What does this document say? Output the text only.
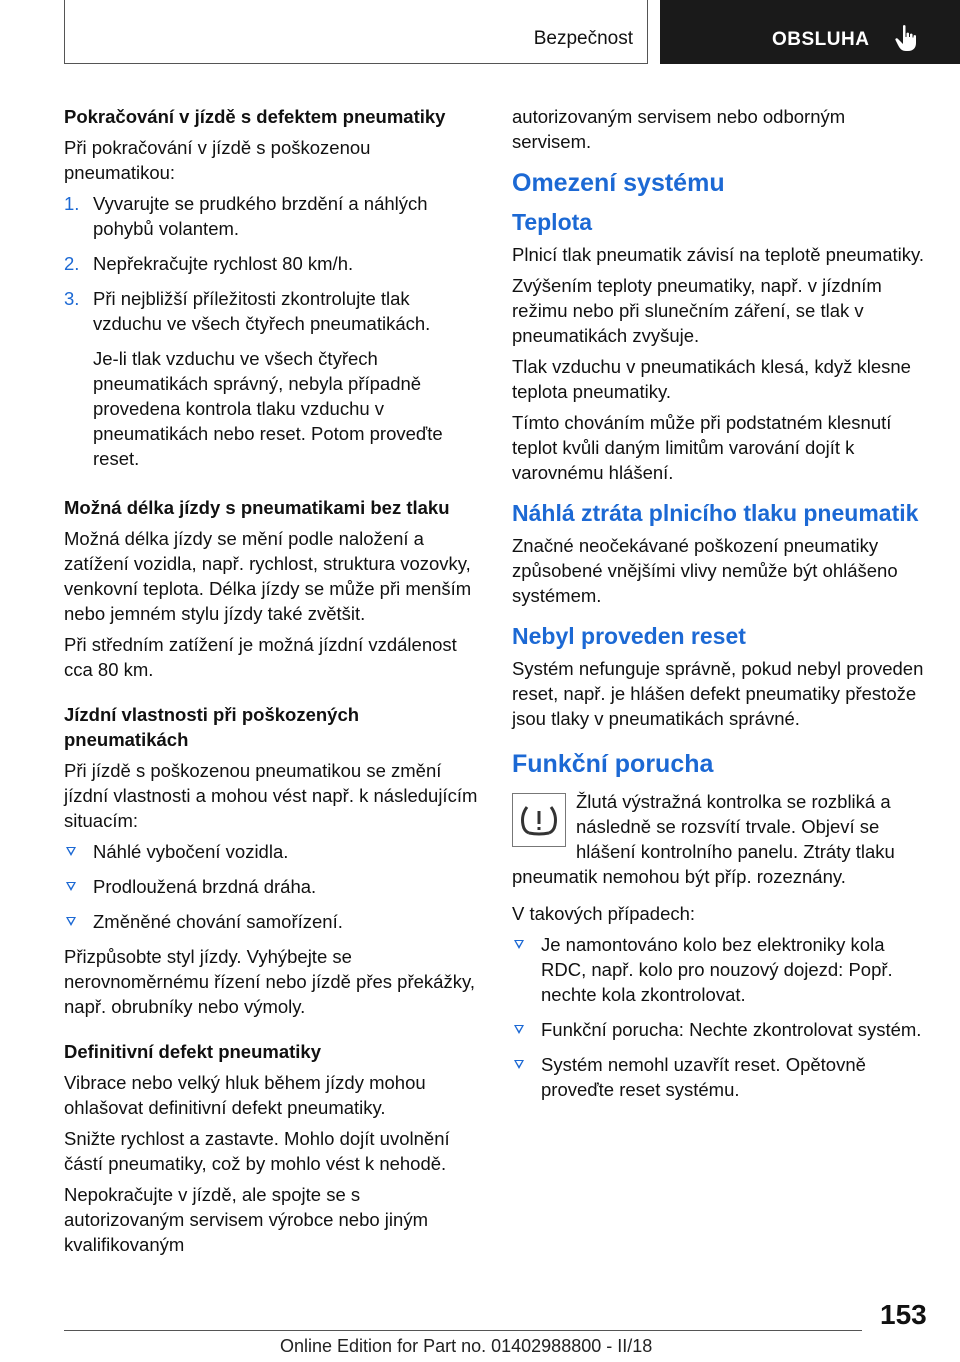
Bezpečnost	OBSLUHA
Pokračování v jízdě s defektem pneumatiky

Při pokračování v jízdě s poškozenou pneumatikou:

1. Vyvarujte se prudkého brzdění a náhlých pohybů volantem.
2. Nepřekračujte rychlost 80 km/h.
3. Při nejbližší příležitosti zkontrolujte tlak vzduchu ve všech čtyřech pneumatikách.
Je-li tlak vzduchu ve všech čtyřech pneumatikách správný, nebyla případně provedena kontrola tlaku vzduchu v pneumatikách nebo reset. Potom proveďte reset.
Možná délka jízdy s pneumatikami bez tlaku

Možná délka jízdy se mění podle naložení a zatížení vozidla, např. rychlost, struktura vozovky, venkovní teplota. Délka jízdy se může při menším nebo jemném stylu jízdy také zvětšit.

Při středním zatížení je možná jízdní vzdálenost cca 80 km.

Jízdní vlastnosti při poškozených pneumatikách

Při jízdě s poškozenou pneumatikou se změní jízdní vlastnosti a mohou vést např. k následujícím situacím:

Náhlé vybočení vozidla.
Prodloužená brzdná dráha.
Změněné chování samořízení.

Přizpůsobte styl jízdy. Vyhýbejte se nerovnoměrnému řízení nebo jízdě přes překážky, např. obrubníky nebo výmoly.

Definitivní defekt pneumatiky

Vibrace nebo velký hluk během jízdy mohou ohlašovat definitivní defekt pneumatiky.

Snižte rychlost a zastavte. Mohlo dojít uvolnění částí pneumatiky, což by mohlo vést k nehodě.

Nepokračujte v jízdě, ale spojte se s autorizovaným servisem výrobce nebo jiným kvalifikovaným

autorizovaným servisem nebo odborným servisem.

Omezení systému
Teplota

Plnicí tlak pneumatik závisí na teplotě pneumatiky.

Zvýšením teploty pneumatiky, např. v jízdním režimu nebo při slunečním záření, se tlak v pneumatikách zvyšuje.

Tlak vzduchu v pneumatikách klesá, když klesne teplota pneumatiky.

Tímto chováním může při podstatném klesnutí teplot kvůli daným limitům varování dojít k varovnému hlášení.

Náhlá ztráta plnicího tlaku pneumatik

Značné neočekávané poškození pneumatiky způsobené vnějšími vlivy nemůže být ohlášeno systémem.

Nebyl proveden reset

Systém nefunguje správně, pokud nebyl proveden reset, např. je hlášen defekt pneumatiky přestože jsou tlaky v pneumatikách správné.

Funkční porucha

Žlutá výstražná kontrolka se rozbliká a následně se rozsvítí trvale. Objeví se hlášení kontrolního panelu. Ztráty tlaku pneumatik nemohou být příp. rozeznány.

V takových případech:

Je namontováno kolo bez elektroniky kola RDC, např. kolo pro nouzový dojezd: Popř. nechte kola zkontrolovat.
Funkční porucha: Nechte zkontrolovat systém.
Systém nemohl uzavřít reset. Opětovně proveďte reset systému.
153
Online Edition for Part no. 01402988800 - II/18
